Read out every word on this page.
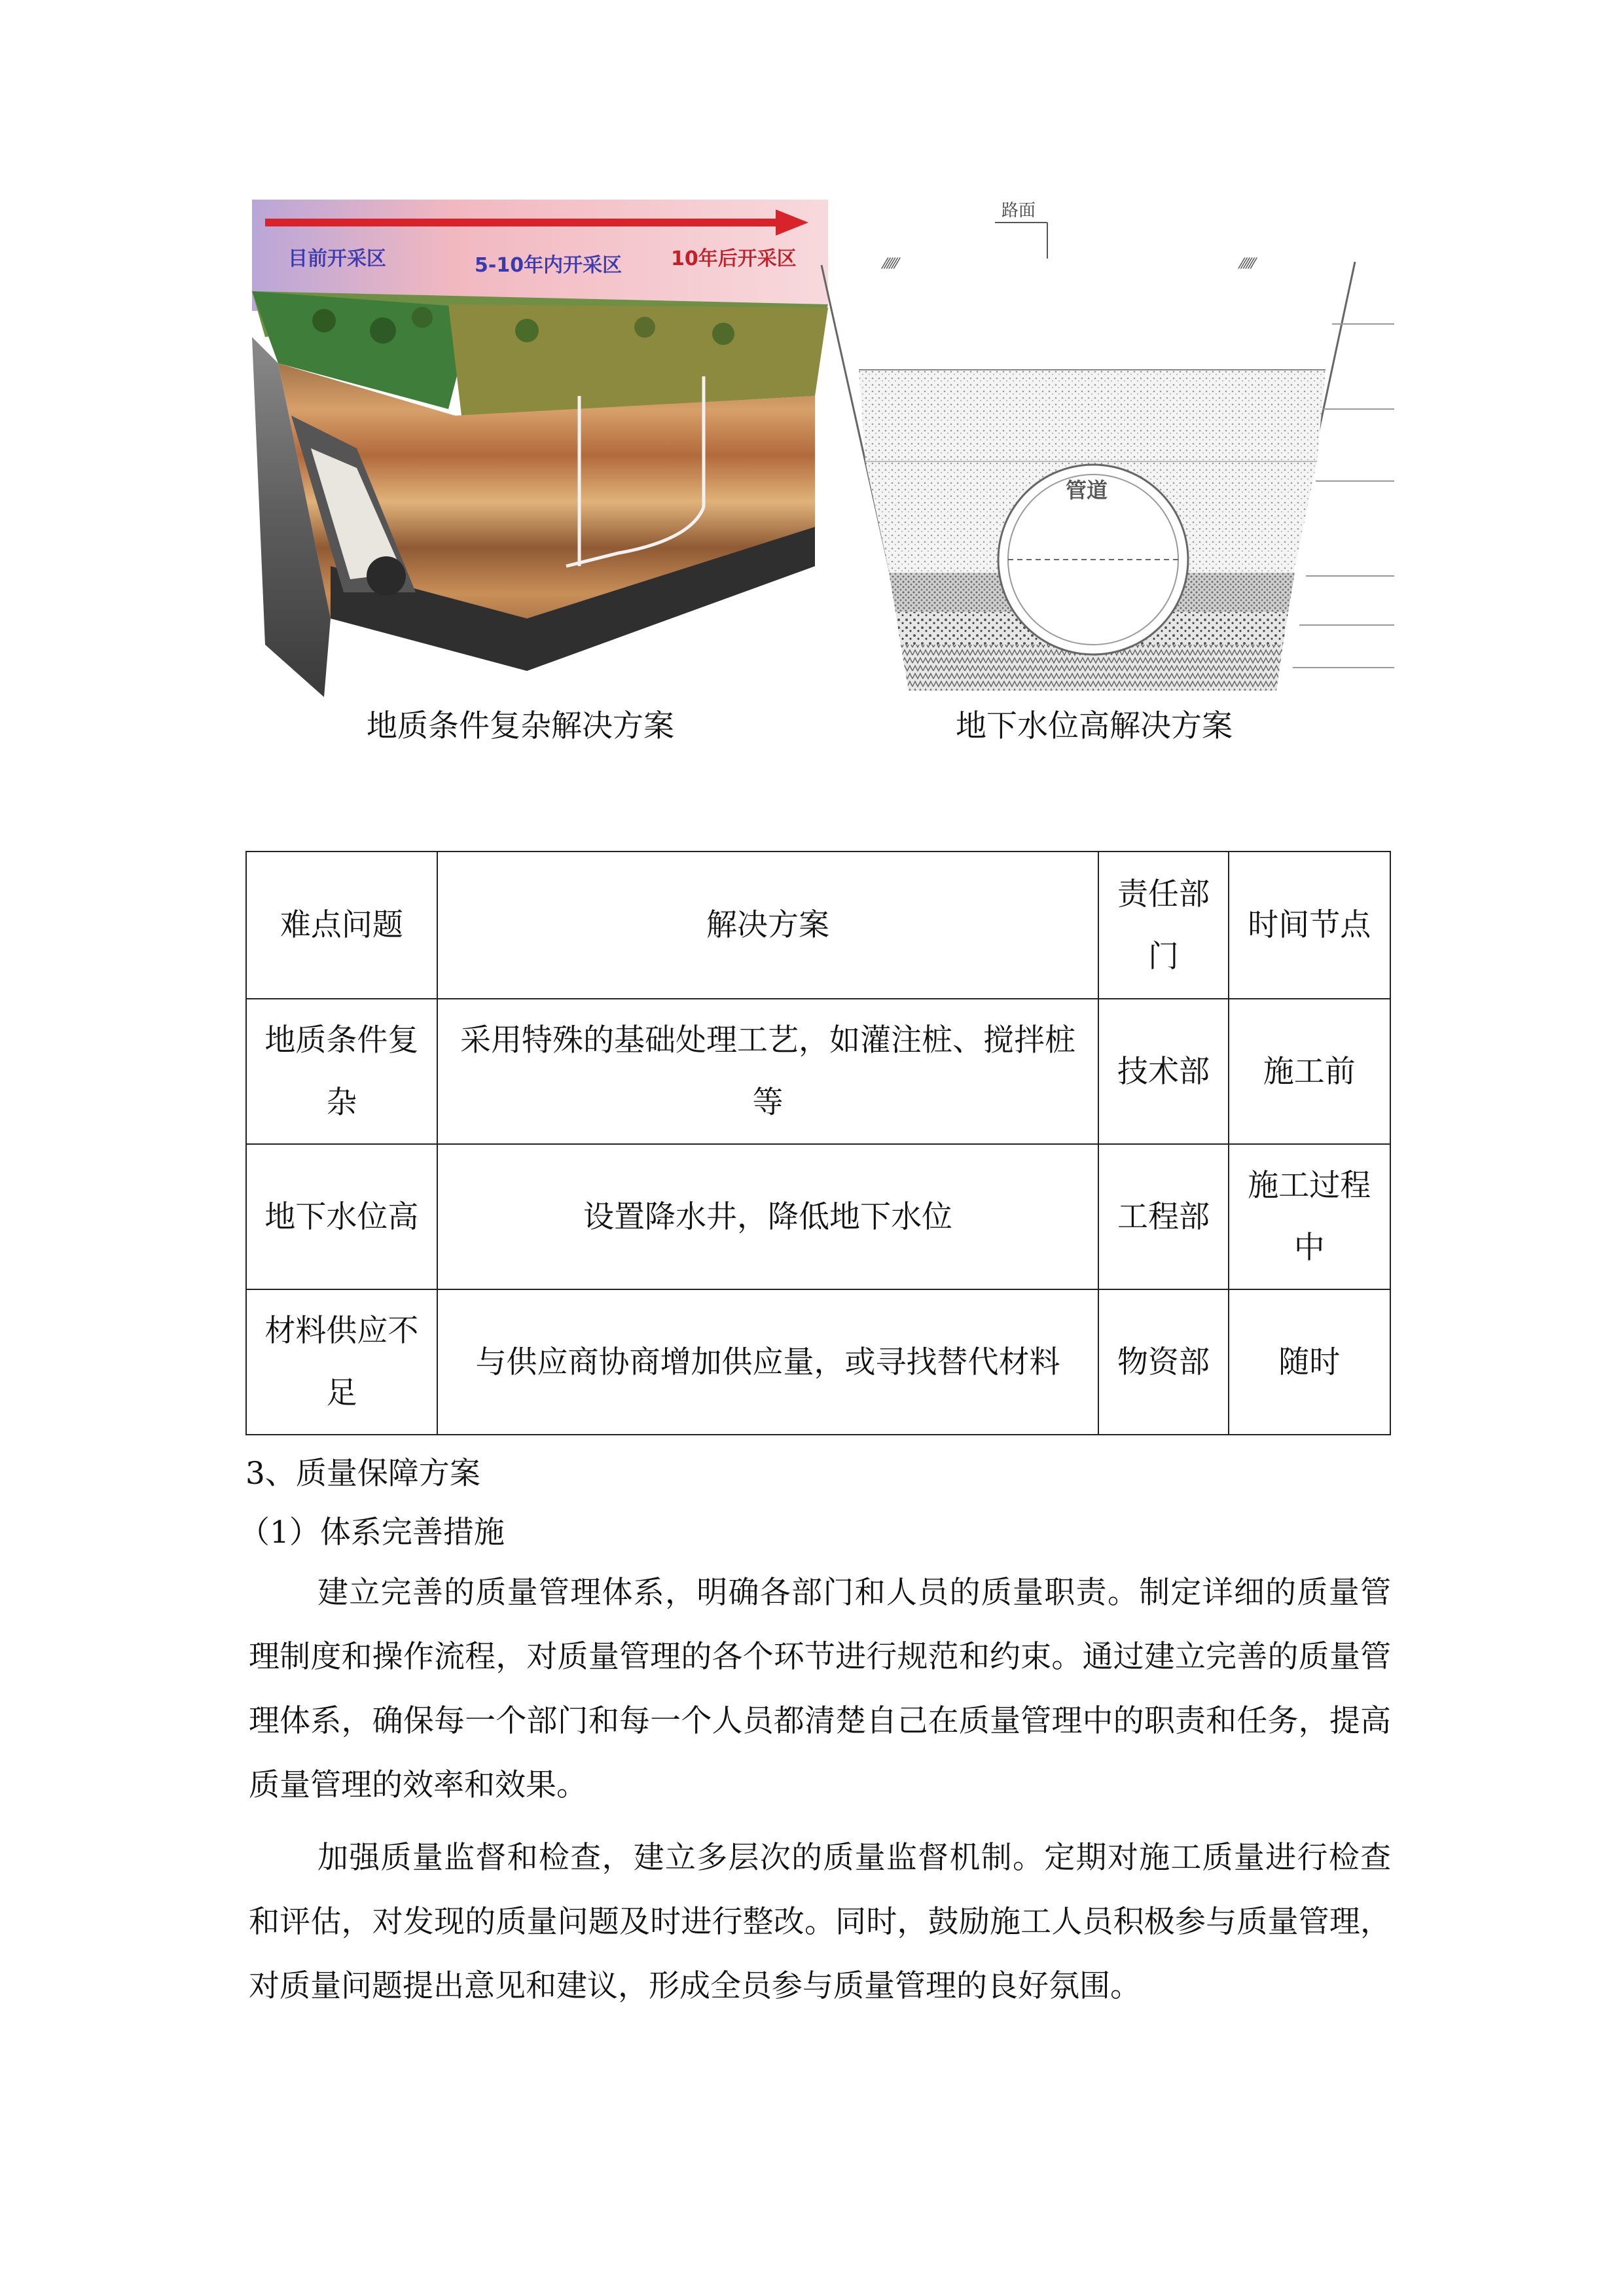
目前开采区	5-10年内开采区 10年后开采区
路面
⁄⁄⁄⁄⁄⁄	⁄⁄⁄⁄⁄⁄
管道
地质条件复杂解决方案	地下水位高解决方案
难点问题	解决方案	责任部门	时间节点
地质条件复杂	采用特殊的基础处理工艺，如灌注桩、搅拌桩等	技术部	施工前
地下水位高	设置降水井，降低地下水位	工程部	施工过程中
材料供应不足	与供应商协商增加供应量，或寻找替代材料	物资部	随时
3、质量保障方案
（1）体系完善措施

建立完善的质量管理体系，明确各部门和人员的质量职责。制定详细的质量管理制度和操作流程，对质量管理的各个环节进行规范和约束。通过建立完善的质量管理体系，确保每一个部门和每一个人员都清楚自己在质量管理中的职责和任务，提高质量管理的效率和效果。

加强质量监督和检查，建立多层次的质量监督机制。定期对施工质量进行检查和评估，对发现的质量问题及时进行整改。同时，鼓励施工人员积极参与质量管理，对质量问题提出意见和建议，形成全员参与质量管理的良好氛围。
